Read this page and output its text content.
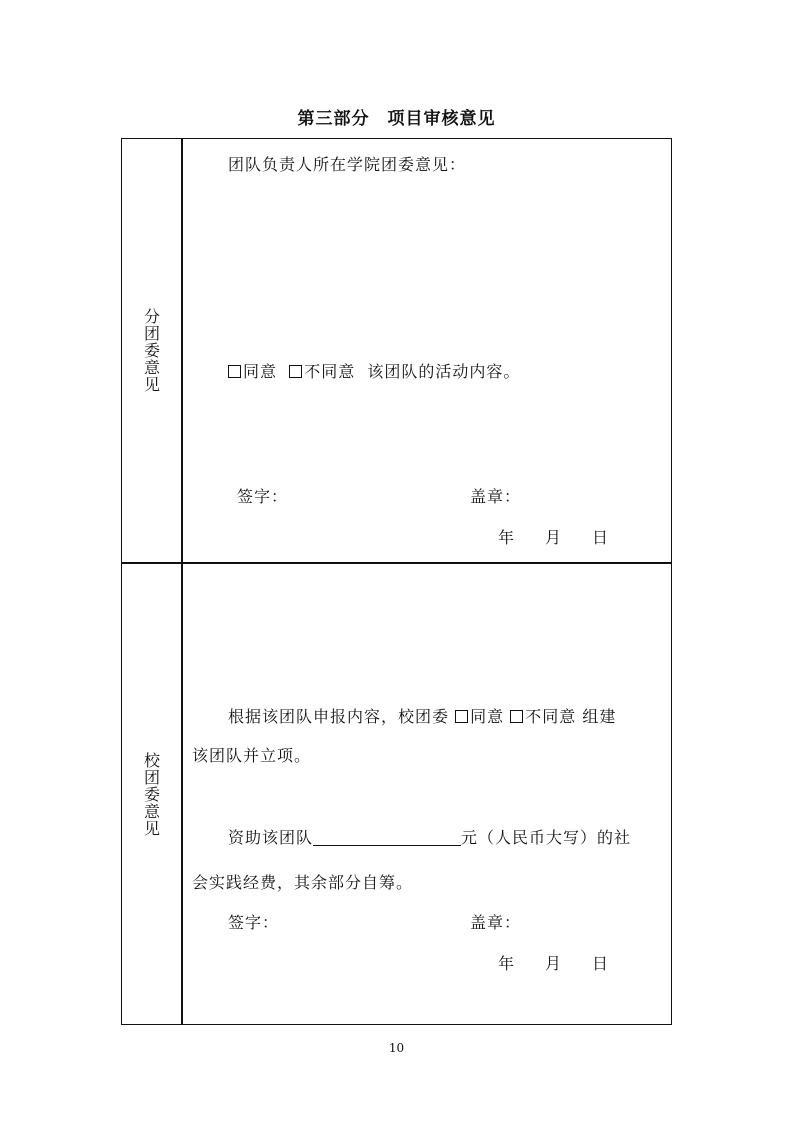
第三部分　项目审核意见
分团委意见
团队负责人所在学院团委意见：
同意 不同意 该团队的活动内容。
签字：	盖章：
年 月 日
校团委意见
根据该团队申报内容，校团委 同意 不同意 组建
该团队并立项。
资助该团队	元（人民币大写）的社
会实践经费，其余部分自筹。
签字：	盖章：
年 月 日
10
